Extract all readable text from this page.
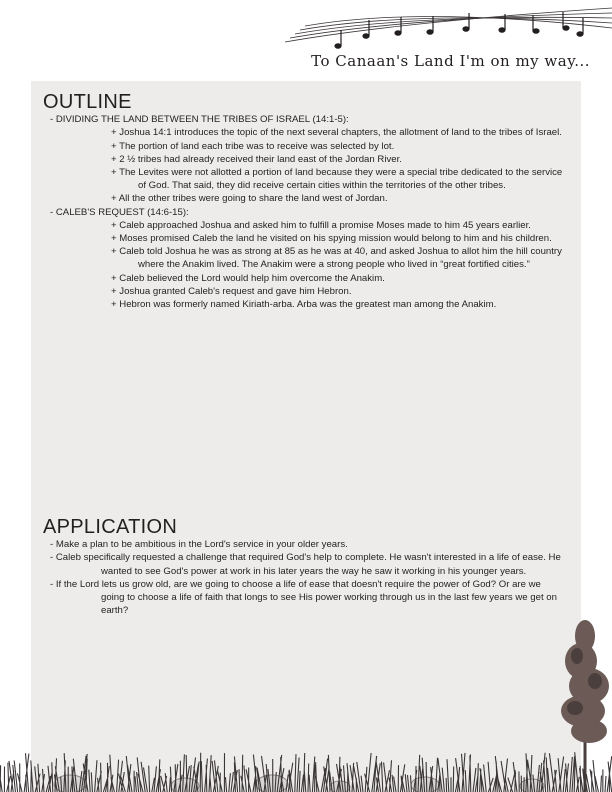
To Canaan's Land I'm on my way...
OUTLINE
- DIVIDING THE LAND BETWEEN THE TRIBES OF ISRAEL (14:1-5):
+ Joshua 14:1 introduces the topic of the next several chapters, the allotment of land to the tribes of Israel.
+ The portion of land each tribe was to receive was selected by lot.
+ 2 ½ tribes had already received their land east of the Jordan River.
+ The Levites were not allotted a portion of land because they were a special tribe dedicated to the service of God. That said, they did receive certain cities within the territories of the other tribes.
+ All the other tribes were going to share the land west of Jordan.
- CALEB'S REQUEST (14:6-15):
+ Caleb approached Joshua and asked him to fulfill a promise Moses made to him 45 years earlier.
+ Moses promised Caleb the land he visited on his spying mission would belong to him and his children.
+ Caleb told Joshua he was as strong at 85 as he was at 40, and asked Joshua to allot him the hill country where the Anakim lived. The Anakim were a strong people who lived in “great fortified cities.”
+ Caleb believed the Lord would help him overcome the Anakim.
+ Joshua granted Caleb's request and gave him Hebron.
+ Hebron was formerly named Kiriath-arba. Arba was the greatest man among the Anakim.
APPLICATION
- Make a plan to be ambitious in the Lord's service in your older years.
- Caleb specifically requested a challenge that required God's help to complete. He wasn't interested in a life of ease. He wanted to see God's power at work in his later years the way he saw it working in his younger years.
- If the Lord lets us grow old, are we going to choose a life of ease that doesn't require the power of God? Or are we going to choose a life of faith that longs to see His power working through us in the last few years we get on earth?
